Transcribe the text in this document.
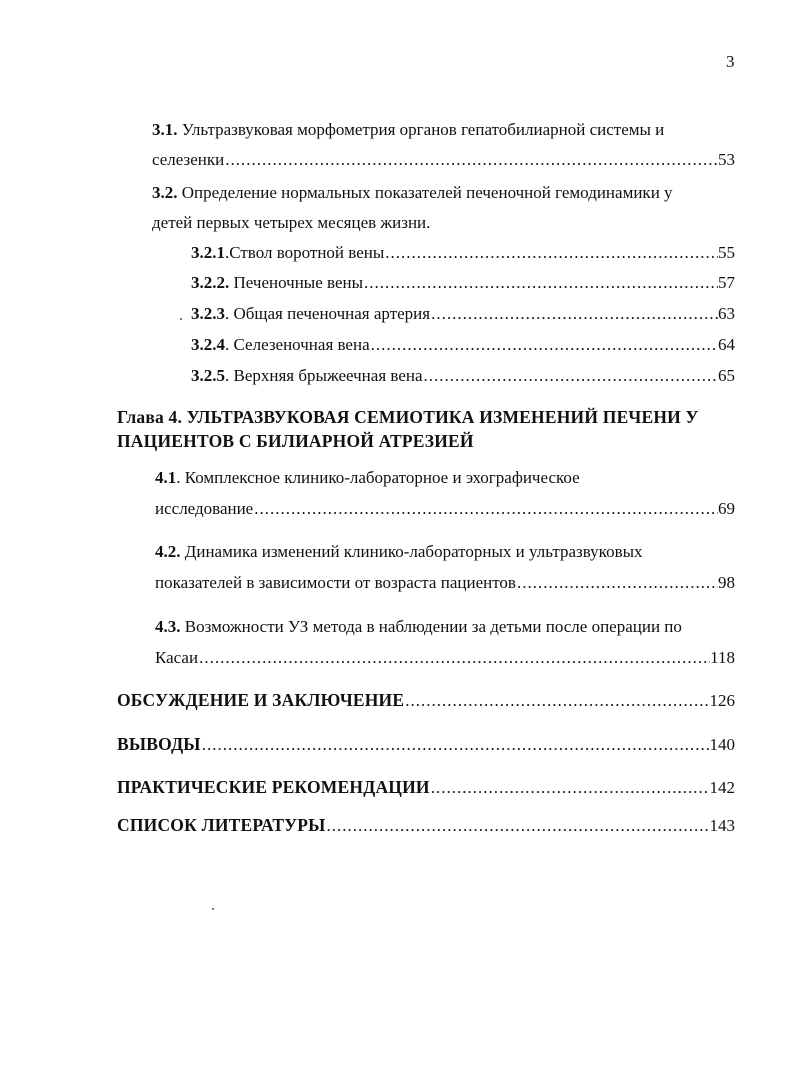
3
3.1. Ультразвуковая морфометрия органов гепатобилиарной системы и
селезенки .....	53
3.2. Определение нормальных показателей печеночной гемодинамики у
детей первых четырех месяцев жизни.
3.2.1.Ствол воротной вены .....	55
3.2.2. Печеночные вены .....	57
3.2.3. Общая печеночная артерия .....	63
3.2.4. Селезеночная вена .....	64
3.2.5. Верхняя брыжеечная вена .....	65
Глава 4. УЛЬТРАЗВУКОВАЯ СЕМИОТИКА ИЗМЕНЕНИЙ ПЕЧЕНИ У
ПАЦИЕНТОВ С БИЛИАРНОЙ АТРЕЗИЕЙ
4.1. Комплексное клинико-лабораторное и эхографическое
исследование .....	69
4.2. Динамика изменений клинико-лабораторных и ультразвуковых
показателей в зависимости от возраста пациентов .....	98
4.3. Возможности УЗ метода в наблюдении за детьми после операции по
Касаи .....	118
ОБСУЖДЕНИЕ И ЗАКЛЮЧЕНИЕ .....	126
ВЫВОДЫ .....	140
ПРАКТИЧЕСКИЕ РЕКОМЕНДАЦИИ .....	142
СПИСОК ЛИТЕРАТУРЫ .....	143
